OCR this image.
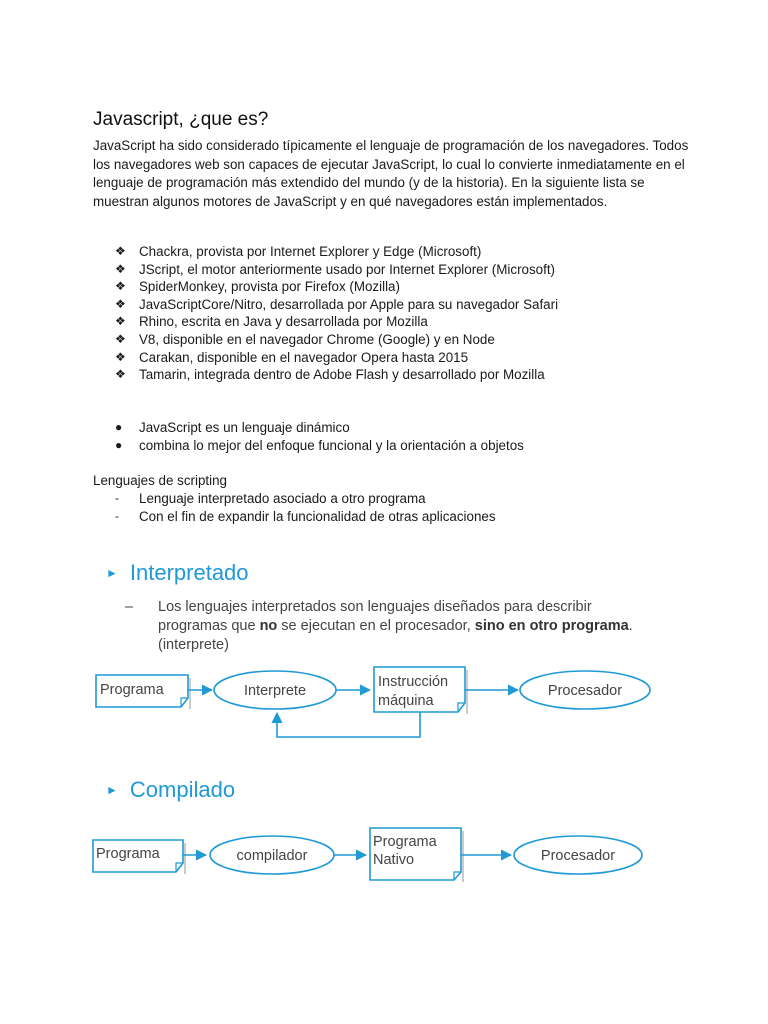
Javascript, ¿que es?

JavaScript ha sido considerado típicamente el lenguaje de programación de los navegadores. Todos los navegadores web son capaces de ejecutar JavaScript, lo cual lo convierte inmediatamente en el lenguaje de programación más extendido del mundo (y de la historia). En la siguiente lista se muestran algunos motores de JavaScript y en qué navegadores están implementados.

❖ Chackra, provista por Internet Explorer y Edge (Microsoft)
❖ JScript, el motor anteriormente usado por Internet Explorer (Microsoft)
❖ SpiderMonkey, provista por Firefox (Mozilla)
❖ JavaScriptCore/Nitro, desarrollada por Apple para su navegador Safari
❖ Rhino, escrita en Java y desarrollada por Mozilla
❖ V8, disponible en el navegador Chrome (Google) y en Node
❖ Carakan, disponible en el navegador Opera hasta 2015
❖ Tamarin, integrada dentro de Adobe Flash y desarrollado por Mozilla
●	JavaScript es un lenguaje dinámico
●	combina lo mejor del enfoque funcional y la orientación a objetos

Lenguajes de scripting

-	Lenguaje interpretado asociado a otro programa
-	Con el fin de expandir la funcionalidad de otras aplicaciones
► Interpretado

–	Los lenguajes interpretados son lenguajes diseñados para describir programas que no se ejecutan en el procesador, sino en otro programa. (interprete)

► Compilado
Programa	Interprete
Instrucción
máquina
Procesador
Programa	compilador
Programa
Nativo	Procesador
